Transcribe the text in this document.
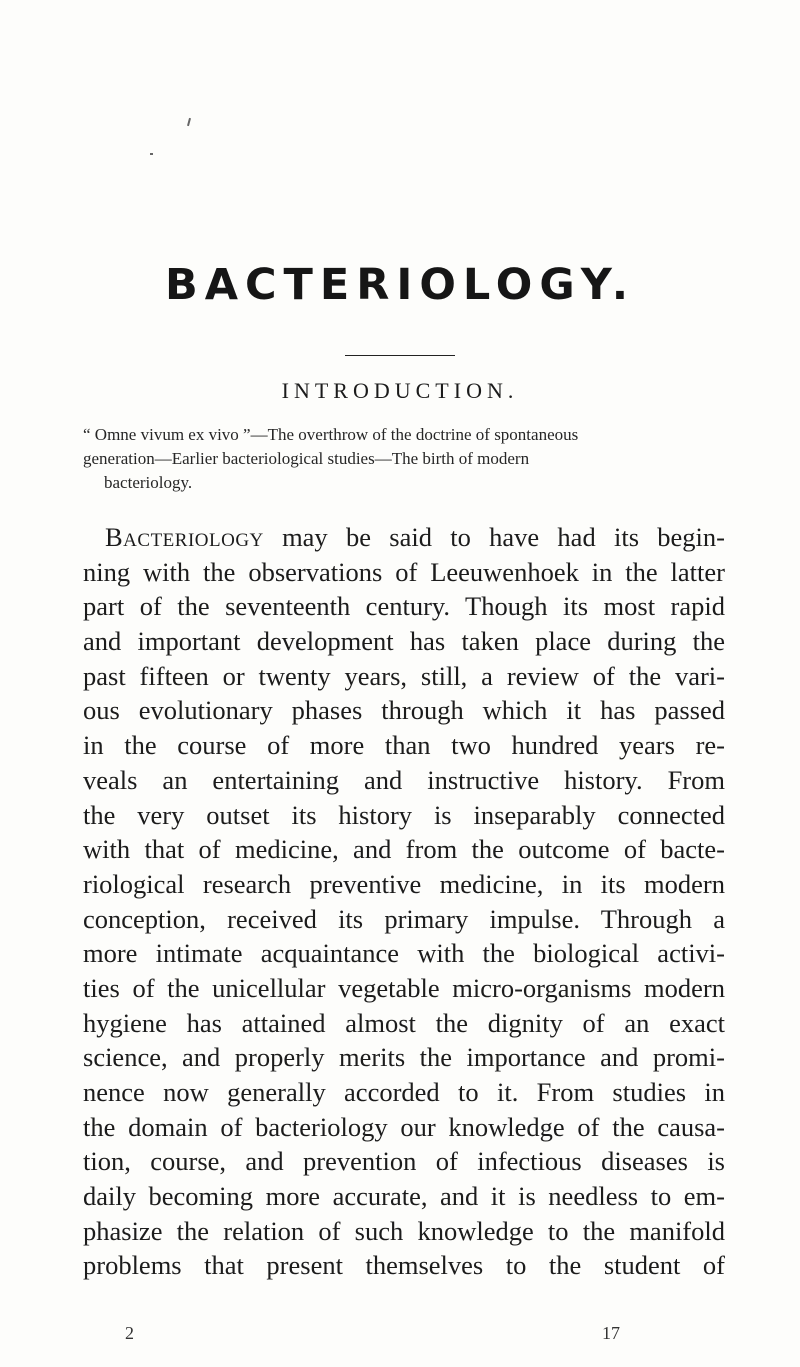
BACTERIOLOGY.
INTRODUCTION.
“ Omne vivum ex vivo ”—The overthrow of the doctrine of spontaneous
generation—Earlier bacteriological studies—The birth of modern
bacteriology.
Bacteriology may be said to have had its begin-
ning with the observations of Leeuwenhoek in the latter
part of the seventeenth century. Though its most rapid
and important development has taken place during the
past fifteen or twenty years, still, a review of the vari-
ous evolutionary phases through which it has passed
in the course of more than two hundred years re-
veals an entertaining and instructive history. From
the very outset its history is inseparably connected
with that of medicine, and from the outcome of bacte-
riological research preventive medicine, in its modern
conception, received its primary impulse. Through a
more intimate acquaintance with the biological activi-
ties of the unicellular vegetable micro-organisms modern
hygiene has attained almost the dignity of an exact
science, and properly merits the importance and promi-
nence now generally accorded to it. From studies in
the domain of bacteriology our knowledge of the causa-
tion, course, and prevention of infectious diseases is
daily becoming more accurate, and it is needless to em-
phasize the relation of such knowledge to the manifold
problems that present themselves to the student of
2	17
